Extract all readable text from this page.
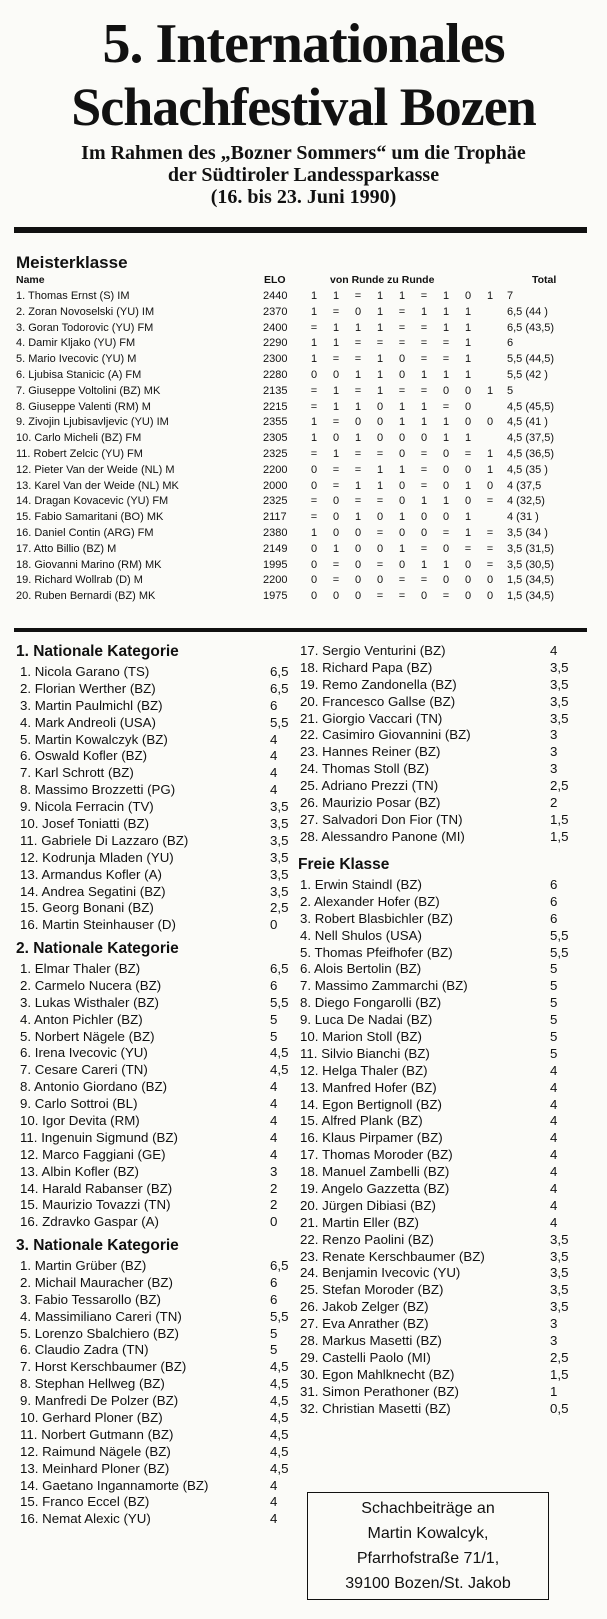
5. Internationales
Schachfestival Bozen
Im Rahmen des „Bozner Sommers“ um die Trophäe
der Südtiroler Landessparkasse
(16. bis 23. Juni 1990)
Meisterklasse
Name	ELO	von Runde zu Runde	Total
1. Thomas Ernst (S) IM	2440	1	1	=	1	1	=	1	0	1	7
2. Zoran Novoselski (YU) IM	2370	1	=	0	1	=	1	1	1		6,5 (44 )
3. Goran Todorovic (YU) FM	2400	=	1	1	1	=	=	1	1		6,5 (43,5)
4. Damir Kljako (YU) FM	2290	1	1	=	=	=	=	=	1		6
5. Mario Ivecovic (YU) M	2300	1	=	=	1	0	=	=	1		5,5 (44,5)
6. Ljubisa Stanicic (A) FM	2280	0	0	1	1	0	1	1	1		5,5 (42 )
7. Giuseppe Voltolini (BZ) MK	2135	=	1	=	1	=	=	0	0	1	5
8. Giuseppe Valenti (RM) M	2215	=	1	1	0	1	1	=	0		4,5 (45,5)
9. Zivojin Ljubisavljevic (YU) IM	2355	1	=	0	0	1	1	1	0	0	4,5 (41 )
10. Carlo Micheli (BZ) FM	2305	1	0	1	0	0	0	1	1		4,5 (37,5)
11. Robert Zelcic (YU) FM	2325	=	1	=	=	0	=	0	=	1	4,5 (36,5)
12. Pieter Van der Weide (NL) M	2200	0	=	=	1	1	=	0	0	1	4,5 (35 )
13. Karel Van der Weide (NL) MK	2000	0	=	1	1	0	=	0	1	0	4 (37,5
14. Dragan Kovacevic (YU) FM	2325	=	0	=	=	0	1	1	0	=	4 (32,5)
15. Fabio Samaritani (BO) MK	2117	=	0	1	0	1	0	0	1		4 (31 )
16. Daniel Contin (ARG) FM	2380	1	0	0	=	0	0	=	1	=	3,5 (34 )
17. Atto Billio (BZ) M	2149	0	1	0	0	1	=	0	=	=	3,5 (31,5)
18. Giovanni Marino (RM) MK	1995	0	=	0	=	0	1	1	0	=	3,5 (30,5)
19. Richard Wollrab (D) M	2200	0	=	0	0	=	=	0	0	0	1,5 (34,5)
20. Ruben Bernardi (BZ) MK	1975	0	0	0	=	=	0	=	0	0	1,5 (34,5)
1. Nationale Kategorie
1. Nicola Garano (TS)	6,5
2. Florian Werther (BZ)	6,5
3. Martin Paulmichl (BZ)	6
4. Mark Andreoli (USA)	5,5
5. Martin Kowalczyk (BZ)	4
6. Oswald Kofler (BZ)	4
7. Karl Schrott (BZ)	4
8. Massimo Brozzetti (PG)	4
9. Nicola Ferracin (TV)	3,5
10. Josef Toniatti (BZ)	3,5
11. Gabriele Di Lazzaro (BZ)	3,5
12. Kodrunja Mladen (YU)	3,5
13. Armandus Kofler (A)	3,5
14. Andrea Segatini (BZ)	3,5
15. Georg Bonani (BZ)	2,5
16. Martin Steinhauser (D)	0
2. Nationale Kategorie
1. Elmar Thaler (BZ)	6,5
2. Carmelo Nucera (BZ)	6
3. Lukas Wisthaler (BZ)	5,5
4. Anton Pichler (BZ)	5
5. Norbert Nägele (BZ)	5
6. Irena Ivecovic (YU)	4,5
7. Cesare Careri (TN)	4,5
8. Antonio Giordano (BZ)	4
9. Carlo Sottroi (BL)	4
10. Igor Devita (RM)	4
11. Ingenuin Sigmund (BZ)	4
12. Marco Faggiani (GE)	4
13. Albin Kofler (BZ)	3
14. Harald Rabanser (BZ)	2
15. Maurizio Tovazzi (TN)	2
16. Zdravko Gaspar (A)	0
3. Nationale Kategorie
1. Martin Grüber (BZ)	6,5
2. Michail Mauracher (BZ)	6
3. Fabio Tessarollo (BZ)	6
4. Massimiliano Careri (TN)	5,5
5. Lorenzo Sbalchiero (BZ)	5
6. Claudio Zadra (TN)	5
7. Horst Kerschbaumer (BZ)	4,5
8. Stephan Hellweg (BZ)	4,5
9. Manfredi De Polzer (BZ)	4,5
10. Gerhard Ploner (BZ)	4,5
11. Norbert Gutmann (BZ)	4,5
12. Raimund Nägele (BZ)	4,5
13. Meinhard Ploner (BZ)	4,5
14. Gaetano Ingannamorte (BZ)	4
15. Franco Eccel (BZ)	4
16. Nemat Alexic (YU)	4
17. Sergio Venturini (BZ)	4
18. Richard Papa (BZ)	3,5
19. Remo Zandonella (BZ)	3,5
20. Francesco Gallse (BZ)	3,5
21. Giorgio Vaccari (TN)	3,5
22. Casimiro Giovannini (BZ)	3
23. Hannes Reiner (BZ)	3
24. Thomas Stoll (BZ)	3
25. Adriano Prezzi (TN)	2,5
26. Maurizio Posar (BZ)	2
27. Salvadori Don Fior (TN)	1,5
28. Alessandro Panone (MI)	1,5
Freie Klasse
1. Erwin Staindl (BZ)	6
2. Alexander Hofer (BZ)	6
3. Robert Blasbichler (BZ)	6
4. Nell Shulos (USA)	5,5
5. Thomas Pfeifhofer (BZ)	5,5
6. Alois Bertolin (BZ)	5
7. Massimo Zammarchi (BZ)	5
8. Diego Fongarolli (BZ)	5
9. Luca De Nadai (BZ)	5
10. Marion Stoll (BZ)	5
11. Silvio Bianchi (BZ)	5
12. Helga Thaler (BZ)	4
13. Manfred Hofer (BZ)	4
14. Egon Bertignoll (BZ)	4
15. Alfred Plank (BZ)	4
16. Klaus Pirpamer (BZ)	4
17. Thomas Moroder (BZ)	4
18. Manuel Zambelli (BZ)	4
19. Angelo Gazzetta (BZ)	4
20. Jürgen Dibiasi (BZ)	4
21. Martin Eller (BZ)	4
22. Renzo Paolini (BZ)	3,5
23. Renate Kerschbaumer (BZ)	3,5
24. Benjamin Ivecovic (YU)	3,5
25. Stefan Moroder (BZ)	3,5
26. Jakob Zelger (BZ)	3,5
27. Eva Anrather (BZ)	3
28. Markus Masetti (BZ)	3
29. Castelli Paolo (MI)	2,5
30. Egon Mahlknecht (BZ)	1,5
31. Simon Perathoner (BZ)	1
32. Christian Masetti (BZ)	0,5
Schachbeiträge an
Martin Kowalcyk,
Pfarrhofstraße 71/1,
39100 Bozen/St. Jakob
